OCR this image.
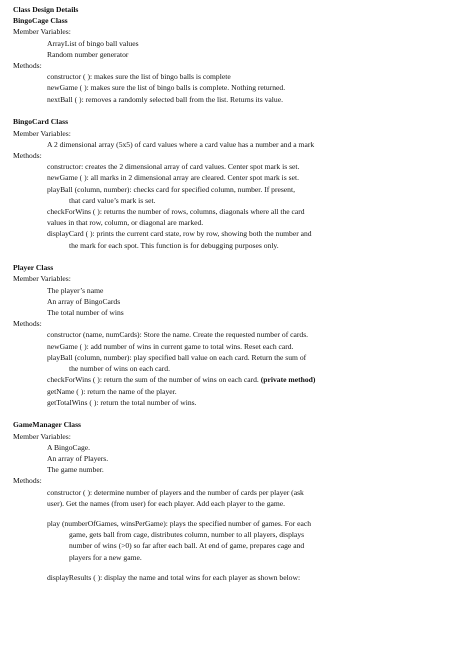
Class Design Details
BingoCage Class
Member Variables:
ArrayList of bingo ball values
Random number generator
Methods:
constructor ( ): makes sure the list of bingo balls is complete
newGame ( ): makes sure the list of bingo balls is complete. Nothing returned.
nextBall ( ): removes a randomly selected ball from the list. Returns its value.
BingoCard Class
Member Variables:
A 2 dimensional array (5x5) of card values where a card value has a number and a mark
Methods:
constructor: creates the 2 dimensional array of card values. Center spot mark is set.
newGame ( ): all marks in 2 dimensional array are cleared. Center spot mark is set.
playBall (column, number): checks card for specified column, number. If present,
that card value’s mark is set.
checkForWins ( ): returns the number of rows, columns, diagonals where all the card
values in that row, column, or diagonal are marked.
displayCard ( ): prints the current card state, row by row, showing both the number and
the mark for each spot. This function is for debugging purposes only.
Player Class
Member Variables:
The player’s name
An array of BingoCards
The total number of wins
Methods:
constructor (name, numCards): Store the name. Create the requested number of cards.
newGame ( ): add number of wins in current game to total wins. Reset each card.
playBall (column, number): play specified ball value on each card. Return the sum of
the number of wins on each card.
checkForWins ( ): return the sum of the number of wins on each card. (private method)
getName ( ): return the name of the player.
getTotalWins ( ): return the total number of wins.
GameManager Class
Member Variables:
A BingoCage.
An array of Players.
The game number.
Methods:
constructor ( ): determine number of players and the number of cards per player (ask
user). Get the names (from user) for each player. Add each player to the game.
play (numberOfGames, winsPerGame): plays the specified number of games. For each
game, gets ball from cage, distributes column, number to all players, displays
number of wins (>0) so far after each ball. At end of game, prepares cage and
players for a new game.
displayResults ( ): display the name and total wins for each player as shown below:
